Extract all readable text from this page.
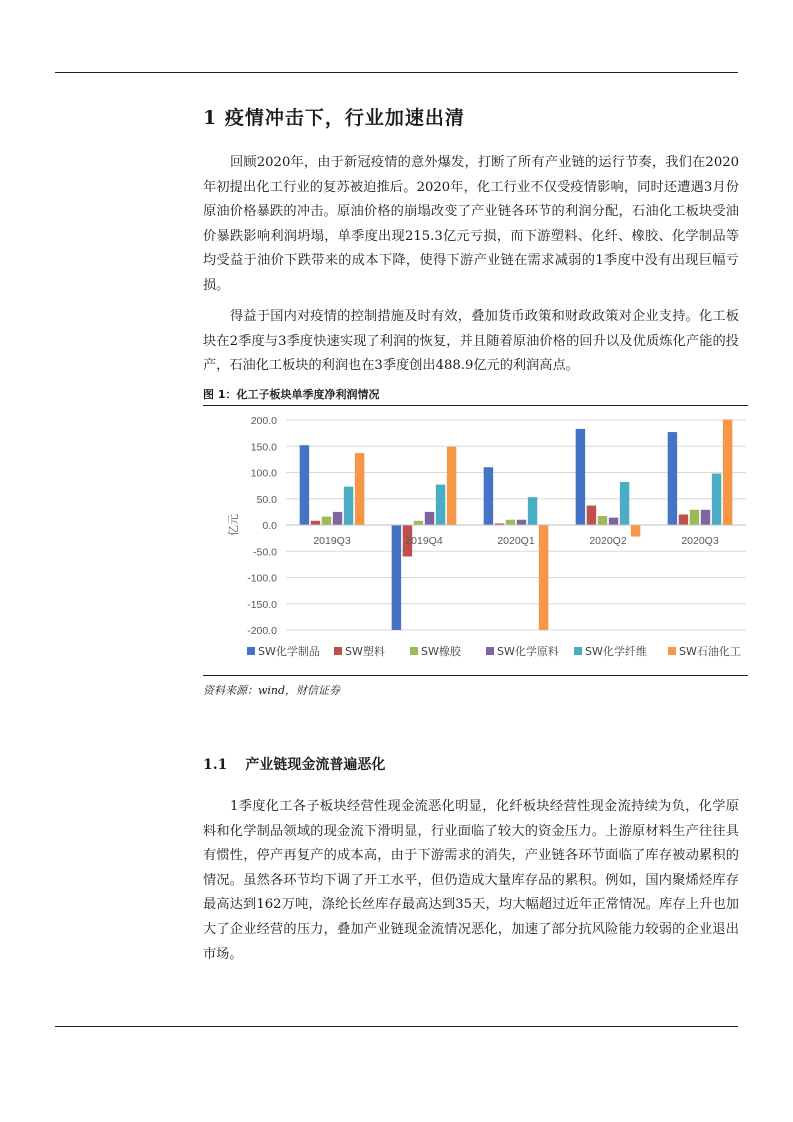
1 疫情冲击下，行业加速出清

回顾2020年，由于新冠疫情的意外爆发，打断了所有产业链的运行节奏，我们在2020年初提出化工行业的复苏被迫推后。2020年，化工行业不仅受疫情影响，同时还遭遇3月份原油价格暴跌的冲击。原油价格的崩塌改变了产业链各环节的利润分配，石油化工板块受油价暴跌影响利润坍塌，单季度出现215.3亿元亏损，而下游塑料、化纤、橡胶、化学制品等均受益于油价下跌带来的成本下降，使得下游产业链在需求减弱的1季度中没有出现巨幅亏损。

得益于国内对疫情的控制措施及时有效，叠加货币政策和财政政策对企业支持。化工板块在2季度与3季度快速实现了利润的恢复，并且随着原油价格的回升以及优质炼化产能的投产，石油化工板块的利润也在3季度创出488.9亿元的利润高点。

图 1：化工子板块单季度净利润情况
200.0
150.0
100.0
50.0
0.0
-50.0
-100.0
-150.0
-200.0
亿元
2019Q3	2019Q4	2020Q1	2020Q2	2020Q3
SW化学制品 SW塑料	SW橡胶	SW化学原料 SW化学纤维	SW石油化工
资料来源：wind，财信证券
1.1 产业链现金流普遍恶化

1季度化工各子板块经营性现金流恶化明显，化纤板块经营性现金流持续为负，化学原料和化学制品领域的现金流下滑明显，行业面临了较大的资金压力。上游原材料生产往往具有惯性，停产再复产的成本高，由于下游需求的消失，产业链各环节面临了库存被动累积的情况。虽然各环节均下调了开工水平，但仍造成大量库存品的累积。例如，国内聚烯烃库存最高达到162万吨，涤纶长丝库存最高达到35天，均大幅超过近年正常情况。库存上升也加大了企业经营的压力，叠加产业链现金流情况恶化，加速了部分抗风险能力较弱的企业退出市场。
